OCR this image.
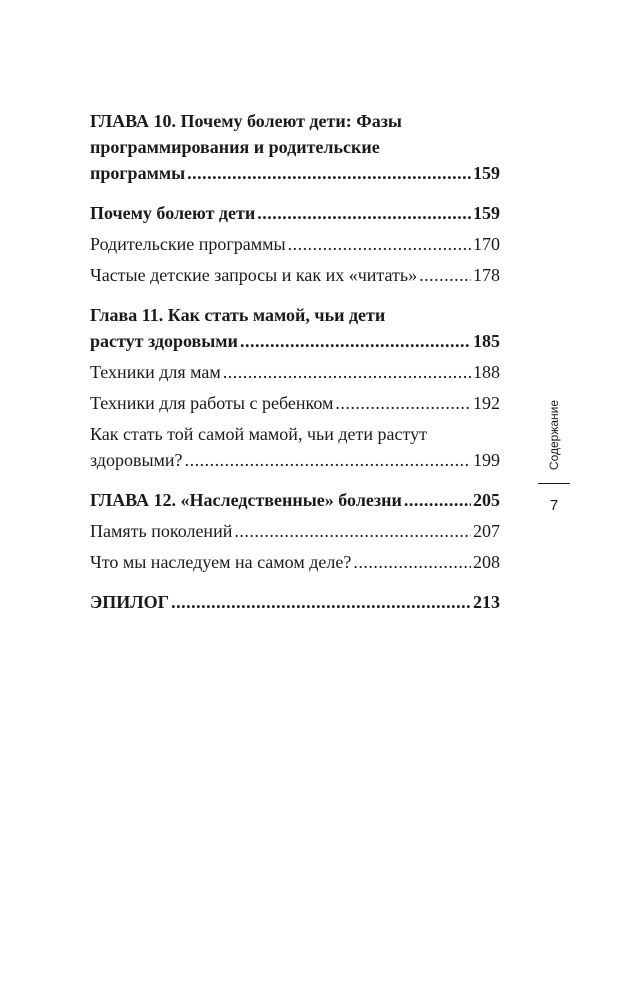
ГЛАВА 10. Почему болеют дети: Фазы
программирования и родительские
программы .....	159
Почему болеют дети .....	159
Родительские программы .....	170
Частые детские запросы и как их «читать» .....	178
Глава 11. Как стать мамой, чьи дети
растут здоровыми .....	185
Техники для мам .....	188
Техники для работы с ребенком .....	192
Как стать той самой мамой, чьи дети растут
здоровыми? .....	199
ГЛАВА 12. «Наследственные» болезни .....	205
Память поколений .....	207
Что мы наследуем на самом деле? .....	208
ЭПИЛОГ .....	213
Содержание
7
